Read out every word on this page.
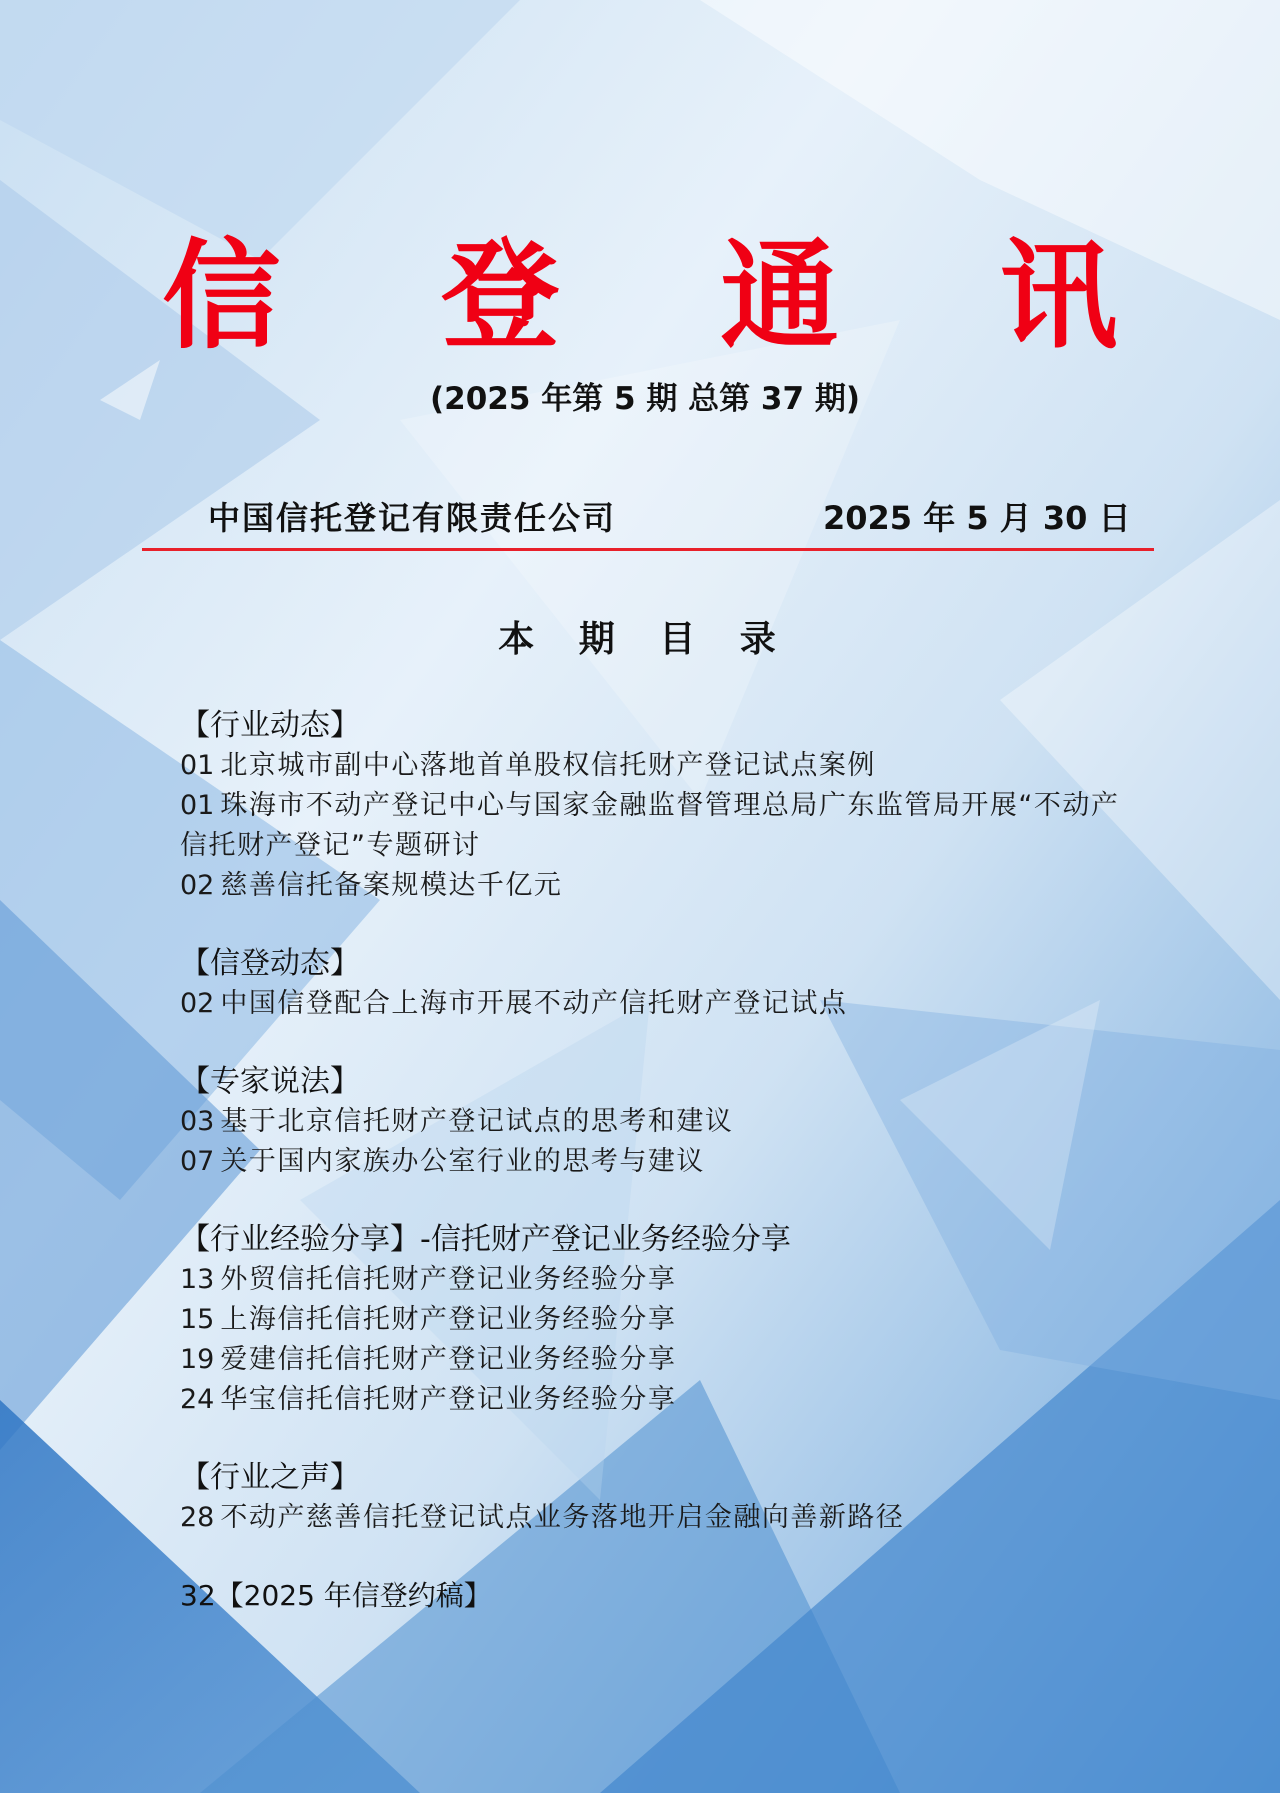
信 登 通 讯
(2025 年第 5 期 总第 37 期)
中国信托登记有限责任公司	2025 年 5 月 30 日
本 期 目 录
【行业动态】
01 北京城市副中心落地首单股权信托财产登记试点案例
01 珠海市不动产登记中心与国家金融监督管理总局广东监管局开展“不动产信托财产登记”专题研讨
02 慈善信托备案规模达千亿元
【信登动态】
02 中国信登配合上海市开展不动产信托财产登记试点
【专家说法】
03 基于北京信托财产登记试点的思考和建议
07 关于国内家族办公室行业的思考与建议
【行业经验分享】-信托财产登记业务经验分享
13 外贸信托信托财产登记业务经验分享
15 上海信托信托财产登记业务经验分享
19 爱建信托信托财产登记业务经验分享
24 华宝信托信托财产登记业务经验分享
【行业之声】
28 不动产慈善信托登记试点业务落地开启金融向善新路径
32【2025 年信登约稿】
